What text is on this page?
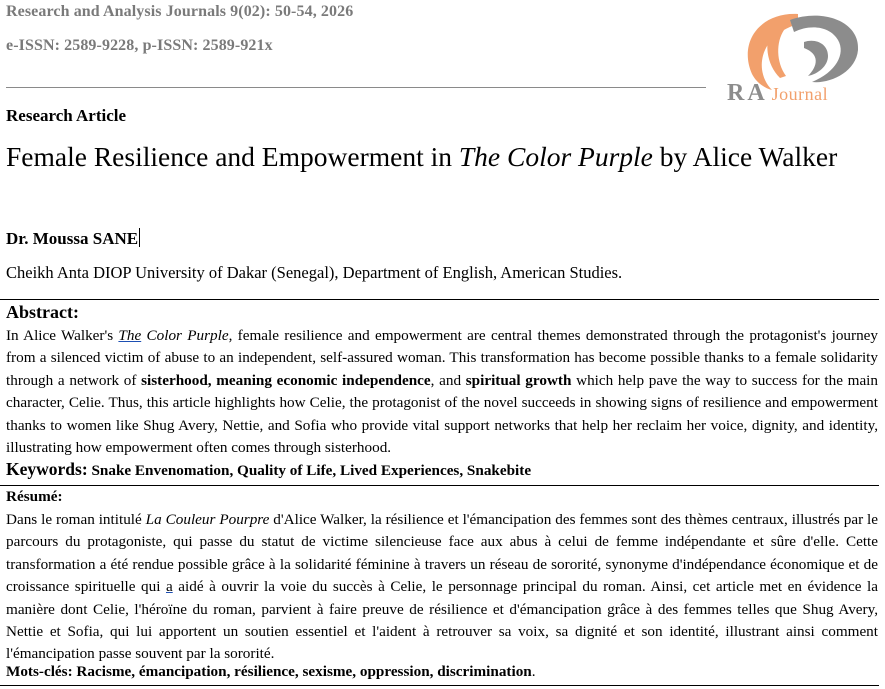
Research and Analysis Journals 9(02): 50-54, 2026
e-ISSN: 2589-9228, p-ISSN: 2589-921x
RA Journal
Research Article
Female Resilience and Empowerment in The Color Purple by Alice Walker
Dr. Moussa SANE
Cheikh Anta DIOP University of Dakar (Senegal), Department of English, American Studies.
Abstract:

In Alice Walker's The Color Purple, female resilience and empowerment are central themes demonstrated through the protagonist's journey from a silenced victim of abuse to an independent, self-assured woman. This transformation has become possible thanks to a female solidarity through a network of sisterhood, meaning economic independence, and spiritual growth which help pave the way to success for the main character, Celie. Thus, this article highlights how Celie, the protagonist of the novel succeeds in showing signs of resilience and empowerment thanks to women like Shug Avery, Nettie, and Sofia who provide vital support networks that help her reclaim her voice, dignity, and identity, illustrating how empowerment often comes through sisterhood.

Keywords: Snake Envenomation, Quality of Life, Lived Experiences, Snakebite
Résumé:

Dans le roman intitulé La Couleur Pourpre d'Alice Walker, la résilience et l'émancipation des femmes sont des thèmes centraux, illustrés par le parcours du protagoniste, qui passe du statut de victime silencieuse face aux abus à celui de femme indépendante et sûre d'elle. Cette transformation a été rendue possible grâce à la solidarité féminine à travers un réseau de sororité, synonyme d'indépendance économique et de croissance spirituelle qui a aidé à ouvrir la voie du succès à Celie, le personnage principal du roman. Ainsi, cet article met en évidence la manière dont Celie, l'héroïne du roman, parvient à faire preuve de résilience et d'émancipation grâce à des femmes telles que Shug Avery, Nettie et Sofia, qui lui apportent un soutien essentiel et l'aident à retrouver sa voix, sa dignité et son identité, illustrant ainsi comment l'émancipation passe souvent par la sororité.

Mots-clés: Racisme, émancipation, résilience, sexisme, oppression, discrimination.
